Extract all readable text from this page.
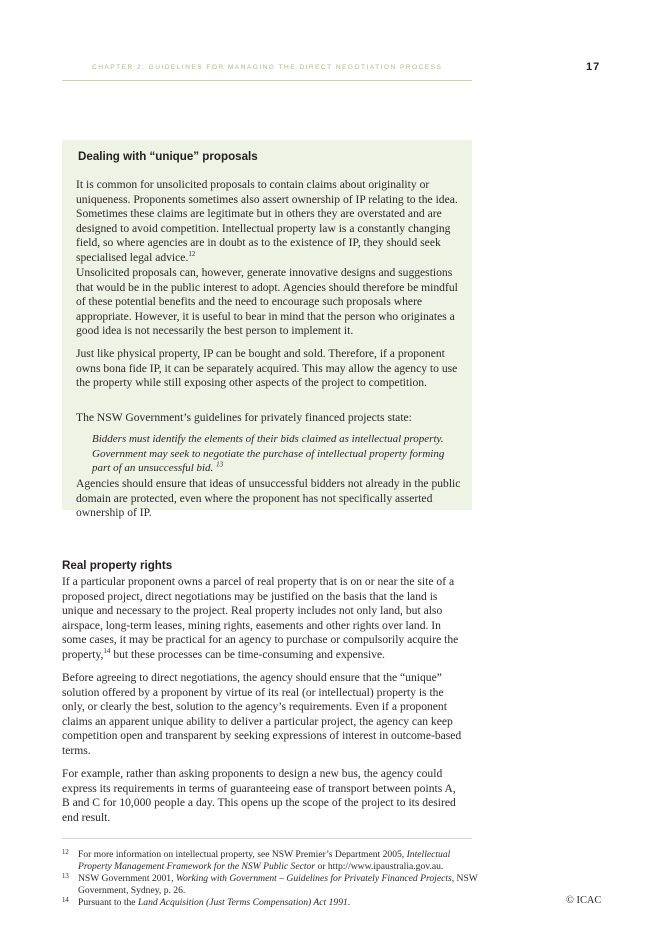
CHAPTER 2: GUIDELINES FOR MANAGING THE DIRECT NEGOTIATION PROCESS	17
Dealing with “unique” proposals
It is common for unsolicited proposals to contain claims about originality or uniqueness. Proponents sometimes also assert ownership of IP relating to the idea. Sometimes these claims are legitimate but in others they are overstated and are designed to avoid competition. Intellectual property law is a constantly changing field, so where agencies are in doubt as to the existence of IP, they should seek specialised legal advice.$^{12}$
Unsolicited proposals can, however, generate innovative designs and suggestions that would be in the public interest to adopt. Agencies should therefore be mindful of these potential benefits and the need to encourage such proposals where appropriate. However, it is useful to bear in mind that the person who originates a good idea is not necessarily the best person to implement it.
Just like physical property, IP can be bought and sold. Therefore, if a proponent owns bona fide IP, it can be separately acquired. This may allow the agency to use the property while still exposing other aspects of the project to competition.
The NSW Government’s guidelines for privately financed projects state:
Bidders must identify the elements of their bids claimed as intellectual property. Government may seek to negotiate the purchase of intellectual property forming part of an unsuccessful bid. $^{13}$
Agencies should ensure that ideas of unsuccessful bidders not already in the public domain are protected, even where the proponent has not specifically asserted ownership of IP.
Real property rights
If a particular proponent owns a parcel of real property that is on or near the site of a proposed project, direct negotiations may be justified on the basis that the land is unique and necessary to the project. Real property includes not only land, but also airspace, long-term leases, mining rights, easements and other rights over land. In some cases, it may be practical for an agency to purchase or compulsorily acquire the property,$^{14}$ but these processes can be time-consuming and expensive.
Before agreeing to direct negotiations, the agency should ensure that the “unique” solution offered by a proponent by virtue of its real (or intellectual) property is the only, or clearly the best, solution to the agency’s requirements. Even if a proponent claims an apparent unique ability to deliver a particular project, the agency can keep competition open and transparent by seeking expressions of interest in outcome-based terms.
For example, rather than asking proponents to design a new bus, the agency could express its requirements in terms of guaranteeing ease of transport between points A, B and C for 10,000 people a day. This opens up the scope of the project to its desired end result.
12 For more information on intellectual property, see NSW Premier’s Department 2005, Intellectual Property Management Framework for the NSW Public Sector or http://www.ipaustralia.gov.au.
13 NSW Government 2001, Working with Government – Guidelines for Privately Financed Projects, NSW Government, Sydney, p. 26.
14 Pursuant to the Land Acquisition (Just Terms Compensation) Act 1991.	© ICAC
